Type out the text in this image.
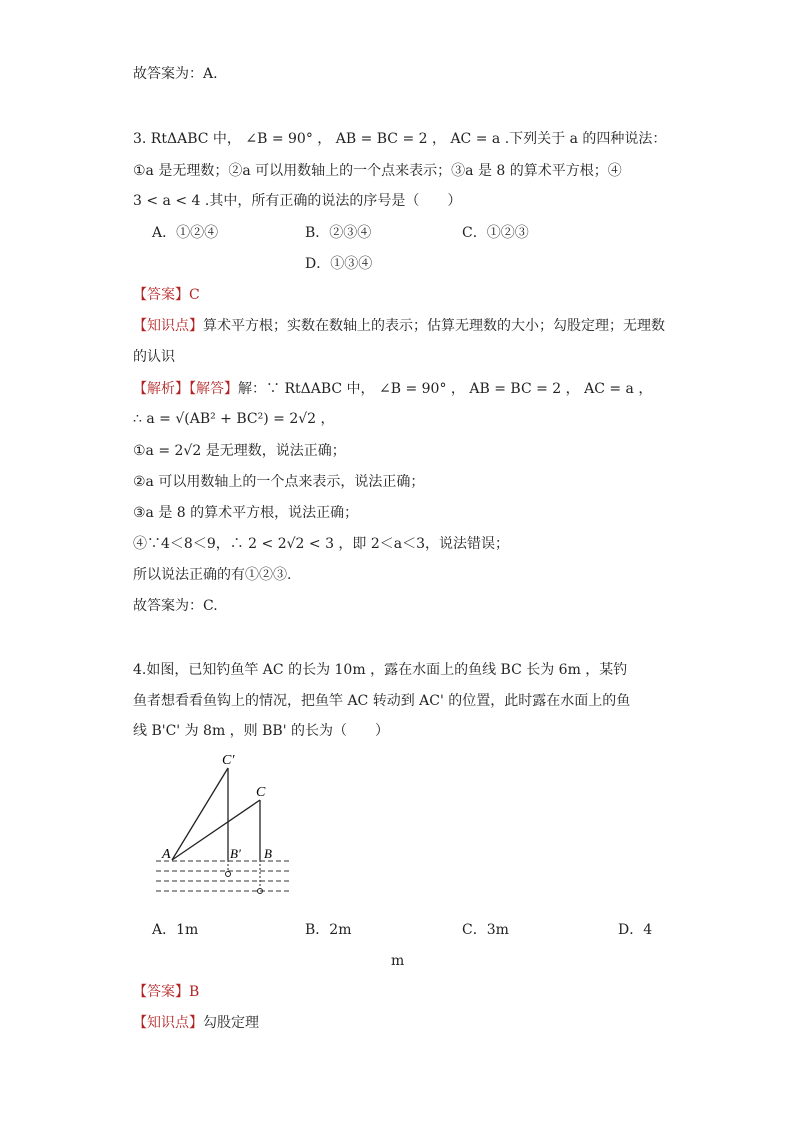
故答案为：A.
3. RtΔABC 中， ∠B = 90° ， AB = BC = 2 ， AC = a .下列关于 a 的四种说法：
①a 是无理数；②a 可以用数轴上的一个点来表示；③a 是 8 的算术平方根；④
3 < a < 4 .其中，所有正确的说法的序号是（　　）
A．①②④	B．②③④	C．①②③
D．①③④
【答案】C
【知识点】算术平方根；实数在数轴上的表示；估算无理数的大小；勾股定理；无理数
的认识
【解析】【解答】解：∵ RtΔABC 中， ∠B = 90° ， AB = BC = 2 ， AC = a ，
∴ a = √(AB² + BC²) = 2√2 ，
①a = 2√2 是无理数，说法正确；
②a 可以用数轴上的一个点来表示，说法正确；
③a 是 8 的算术平方根，说法正确；
④∵4＜8＜9，∴ 2 < 2√2 < 3 ，即 2＜a＜3，说法错误；
所以说法正确的有①②③.
故答案为：C.
4.如图，已知钓鱼竿 AC 的长为 10m ，露在水面上的鱼线 BC 长为 6m ，某钓
鱼者想看看鱼钩上的情况，把鱼竿 AC 转动到 AC' 的位置，此时露在水面上的鱼
线 B'C' 为 8m ，则 BB' 的长为（　　）
A
C′
C
B′ B
A．1m	B．2m	C．3m	D．4
m
【答案】B
【知识点】勾股定理
